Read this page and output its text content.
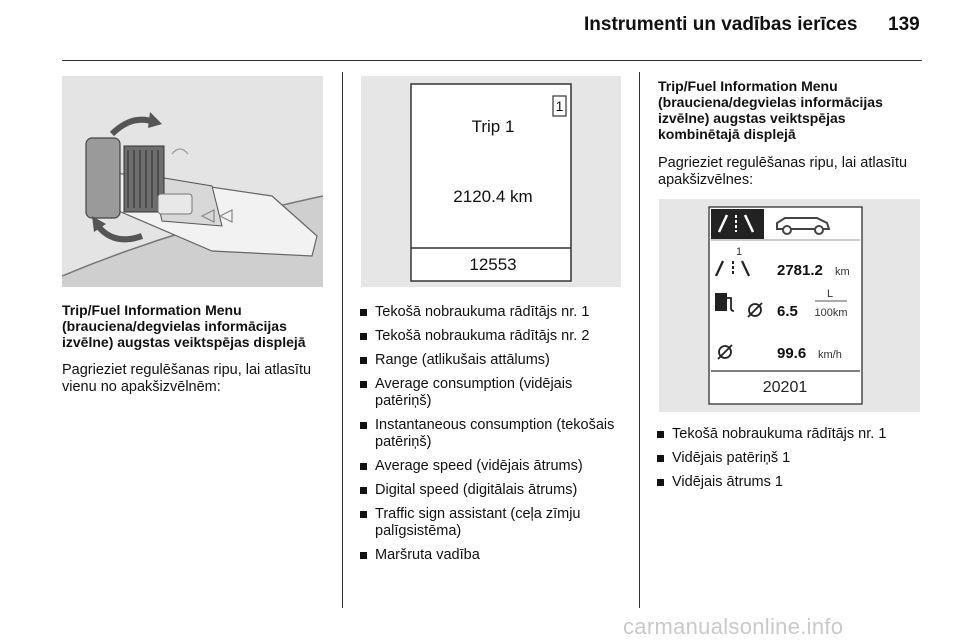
Instrumenti un vadības ierīces 139
Trip/Fuel Information Menu (brauciena/degvielas informācijas izvēlne) augstas veiktspējas displejā
Pagrieziet regulēšanas ripu, lai atlasītu vienu no apakšizvēlnēm:
1
Trip 1
2120.4 km
12553
Tekošā nobraukuma rādītājs nr. 1
Tekošā nobraukuma rādītājs nr. 2
Range (atlikušais attālums)
Average consumption (vidējais patēriņš)
Instantaneous consumption (tekošais patēriņš)
Average speed (vidējais ātrums)
Digital speed (digitālais ātrums)
Traffic sign assistant (ceļa zīmju palīgsistēma)
Maršruta vadība
Trip/Fuel Information Menu (brauciena/degvielas informācijas izvēlne) augstas veiktspējas kombinētajā displejā
Pagrieziet regulēšanas ripu, lai atlasītu apakšizvēlnes:
1
2781.2 km
6.5
L
100km
99.6 km/h
20201
Tekošā nobraukuma rādītājs nr. 1
Vidējais patēriņš 1
Vidējais ātrums 1
carmanualsonline.info
